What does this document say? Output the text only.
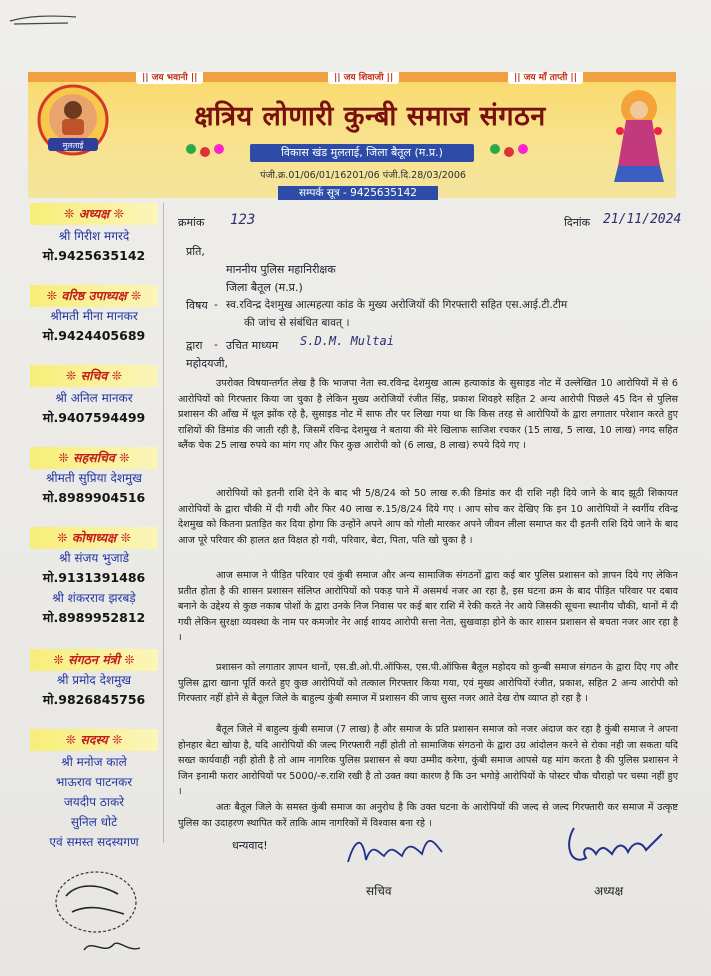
|| जय भवानी ||	|| जय शिवाजी ||	|| जय माँ ताप्ती ||
मुलताई
क्षत्रिय लोणारी कुन्बी समाज संगठन
विकास खंड मुलताई, जिला बैतूल (म.प्र.)
पंजी.क्र.01/06/01/16201/06 पंजी.दि.28/03/2006
सम्पर्क सूत्र - 9425635142
❊ अध्यक्ष ❊
श्री गिरीश मगरदे
मो.9425635142
❊ वरिष्ठ उपाध्यक्ष ❊
श्रीमती मीना मानकर
मो.9424405689
❊ सचिव ❊
श्री अनिल मानकर
मो.9407594499
❊ सहसचिव ❊
श्रीमती सुप्रिया देशमुख
मो.8989904516
❊ कोषाध्यक्ष ❊
श्री संजय भुजाडे
मो.9131391486
श्री शंकरराव झरबड़े
मो.8989952812
❊ संगठन मंत्री ❊
श्री प्रमोद देशमुख
मो.9826845756
❊ सदस्य ❊
श्री मनोज काले
भाऊराव पाटनकर
जयदीप ठाकरे
सुनिल धोटे
एवं समस्त सदस्यगण
क्रमांक 123	दिनांक 21/11/2024
प्रति,
माननीय पुलिस महानिरीक्षक
जिला बैतूल (म.प्र.)
विषय - स्व.रविन्द्र देशमुख आत्महत्या कांड के मुख्य अरोजियों की गिरफ्तारी सहित एस.आई.टी.टीम
की जांच से संबंधित बावत् ।
द्वारा - उचित माध्यम S.D.M. Multai
महोदयजी,
उपरोक्त विषयान्तर्गत लेख है कि भाजपा नेता स्व.रविन्द्र देशमुख आत्म हत्याकांड के सुसाइड नोट में उल्लेखित 10 आरोपियों में से 6 आरोपियों को गिरफ्तार किया जा चुका है लेकिन मुख्य अरोजियों रंजीत सिंह, प्रकाश शिवहरे सहित 2 अन्य आरोपी पिछले 45 दिन से पुलिस प्रशासन की आँख में धूल झोंक रहे है, सुसाइड नोट में साफ तौर पर लिखा गया था कि किस तरह से आरोपियों के द्वारा लगातार परेशान करते हुए राशियों की डिमांड की जाती रही है, जिसमें रविन्द्र देशमुख ने बताया की मेरे खिलाफ साजिश रचकर (15 लाख, 5 लाख, 10 लाख) नगद सहित ब्लैंक चेक 25 लाख रुपये का मांग गए और फिर कुछ आरोपी को (6 लाख, 8 लाख) रुपये दिये गए ।
आरोपियों को इतनी राशि देने के बाद भी 5/8/24 को 50 लाख रु.की डिमांड कर दी राशि नही दिये जाने के बाद झूठी शिकायत आरोपियों के द्वारा चौकी में दी गयी और फिर 40 लाख रु.15/8/24 दिये गए । आप सोच कर देखिए कि इन 10 आरोपियों ने स्वर्गीय रविन्द्र देशमुख को कितना प्रताड़ित कर दिया होगा कि उन्होंने अपने आप को गोली मारकर अपने जीवन लीला समाप्त कर दी इतनी राशि दिये जाने के बाद आज पूरे परिवार की हालत क्षत विक्षत हो गयी, परिवार, बेटा, पिता, पति खो चुका है ।
आज समाज ने पीड़ित परिवार एवं कुंबी समाज और अन्य सामाजिक संगठनों द्वारा कई बार पुलिस प्रशासन को ज्ञापन दिये गए लेकिन प्रतीत होता है की शासन प्रशासन संलिप्त आरोपियों को पकड़ पाने में असमर्थ नजर आ रहा है, इस घटना क्रम के बाद पीड़ित परिवार पर दबाव बनाने के उद्देश्य से कुछ नकाब पोशों के द्वारा उनके निज निवास पर कई बार राशि में रेकी करते नेर आये जिसकी सूचना स्थानीय चौकी, थानों में दी गयी लेकिन सुरक्षा व्यवस्था के नाम पर कमजोर नेर आई शायद आरोपी सत्ता नेता, सुखवाड़ा होने के कार शासन प्रशासन से बचता नजर आर रहा है ।
प्रशासन को लगातार ज्ञापन थानों, एस.डी.ओ.पी.ऑफिस, एस.पी.ऑफिस बैतूल महोदय को कुन्बी समाज संगठन के द्वारा दिए गए और पुलिस द्वारा खाना पूर्ति करते हुए कुछ आरोपियों को तत्काल गिरफ्तार किया गया, एवं मुख्य आरोपियों रंजीत, प्रकाश, सहित 2 अन्य आरोपी को गिरफ्तार नहीं होने से बैतूल जिले के बाहुल्य कुंबी समाज में प्रशासन की जाच सुस्त नजर आते देख रोष व्याप्त हो रहा है ।
बैतूल जिले में बाहुल्य कुंबी समाज (7 लाख) है और समाज के प्रति प्रशासन समाज को नजर अंदाज कर रहा है कुंबी समाज ने अपना होनहार बेटा खोया है, यदि आरोपियों की जल्द गिरफ्तारी नहीं होती तो सामाजिक संगठनो के द्वारा उग्र आंदोलन करने से रोका नही जा सकता यदि सख्त कार्यवाही नही होती है तो आम नागरिक पुलिस प्रशासन से क्या उम्मीद करेगा, कुंबी समाज आपसे यह मांग करता है की पुलिस प्रशासन ने जिन इनामी फरार आरोपियों पर 5000/-रु.राशि रखी है तो उक्त क्या कारण है कि उन भगोड़े आरोपियों के पोस्टर चौक चौराहो पर चस्पा नहीं हुए ।
अतः बैतूल जिले के समस्त कुंबी समाज का अनुरोध है कि उक्त घटना के आरोपियों की जल्द से जल्द गिरफ्तारी कर समाज में उत्कृष्ट पुलिस का उदाहरण स्थापित करें ताकि आम नागरिकों में विश्वास बना रहे ।
धन्यवाद!
सचिव	अध्यक्ष
